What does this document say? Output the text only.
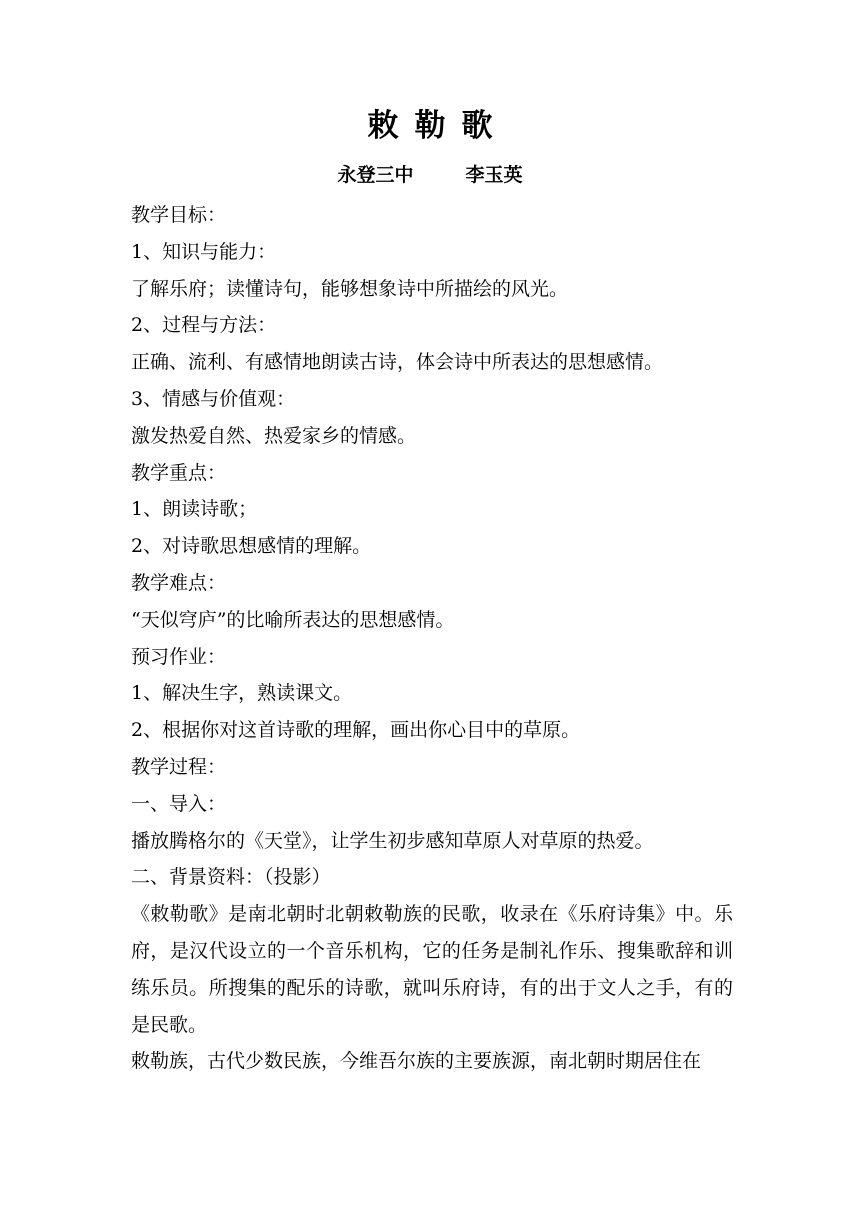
敕勒歌
永登三中	李玉英
教学目标：
1、知识与能力：
了解乐府；读懂诗句，能够想象诗中所描绘的风光。
2、过程与方法：
正确、流利、有感情地朗读古诗，体会诗中所表达的思想感情。
3、情感与价值观：
激发热爱自然、热爱家乡的情感。
教学重点：
1、朗读诗歌；
2、对诗歌思想感情的理解。
教学难点：
“天似穹庐”的比喻所表达的思想感情。
预习作业：
1、解决生字，熟读课文。
2、根据你对这首诗歌的理解，画出你心目中的草原。
教学过程：
一、导入：
播放腾格尔的《天堂》，让学生初步感知草原人对草原的热爱。
二、背景资料：（投影）
《敕勒歌》是南北朝时北朝敕勒族的民歌，收录在《乐府诗集》中。乐府，是汉代设立的一个音乐机构，它的任务是制礼作乐、搜集歌辞和训练乐员。所搜集的配乐的诗歌，就叫乐府诗，有的出于文人之手，有的是民歌。
敕勒族，古代少数民族，今维吾尔族的主要族源，南北朝时期居住在
